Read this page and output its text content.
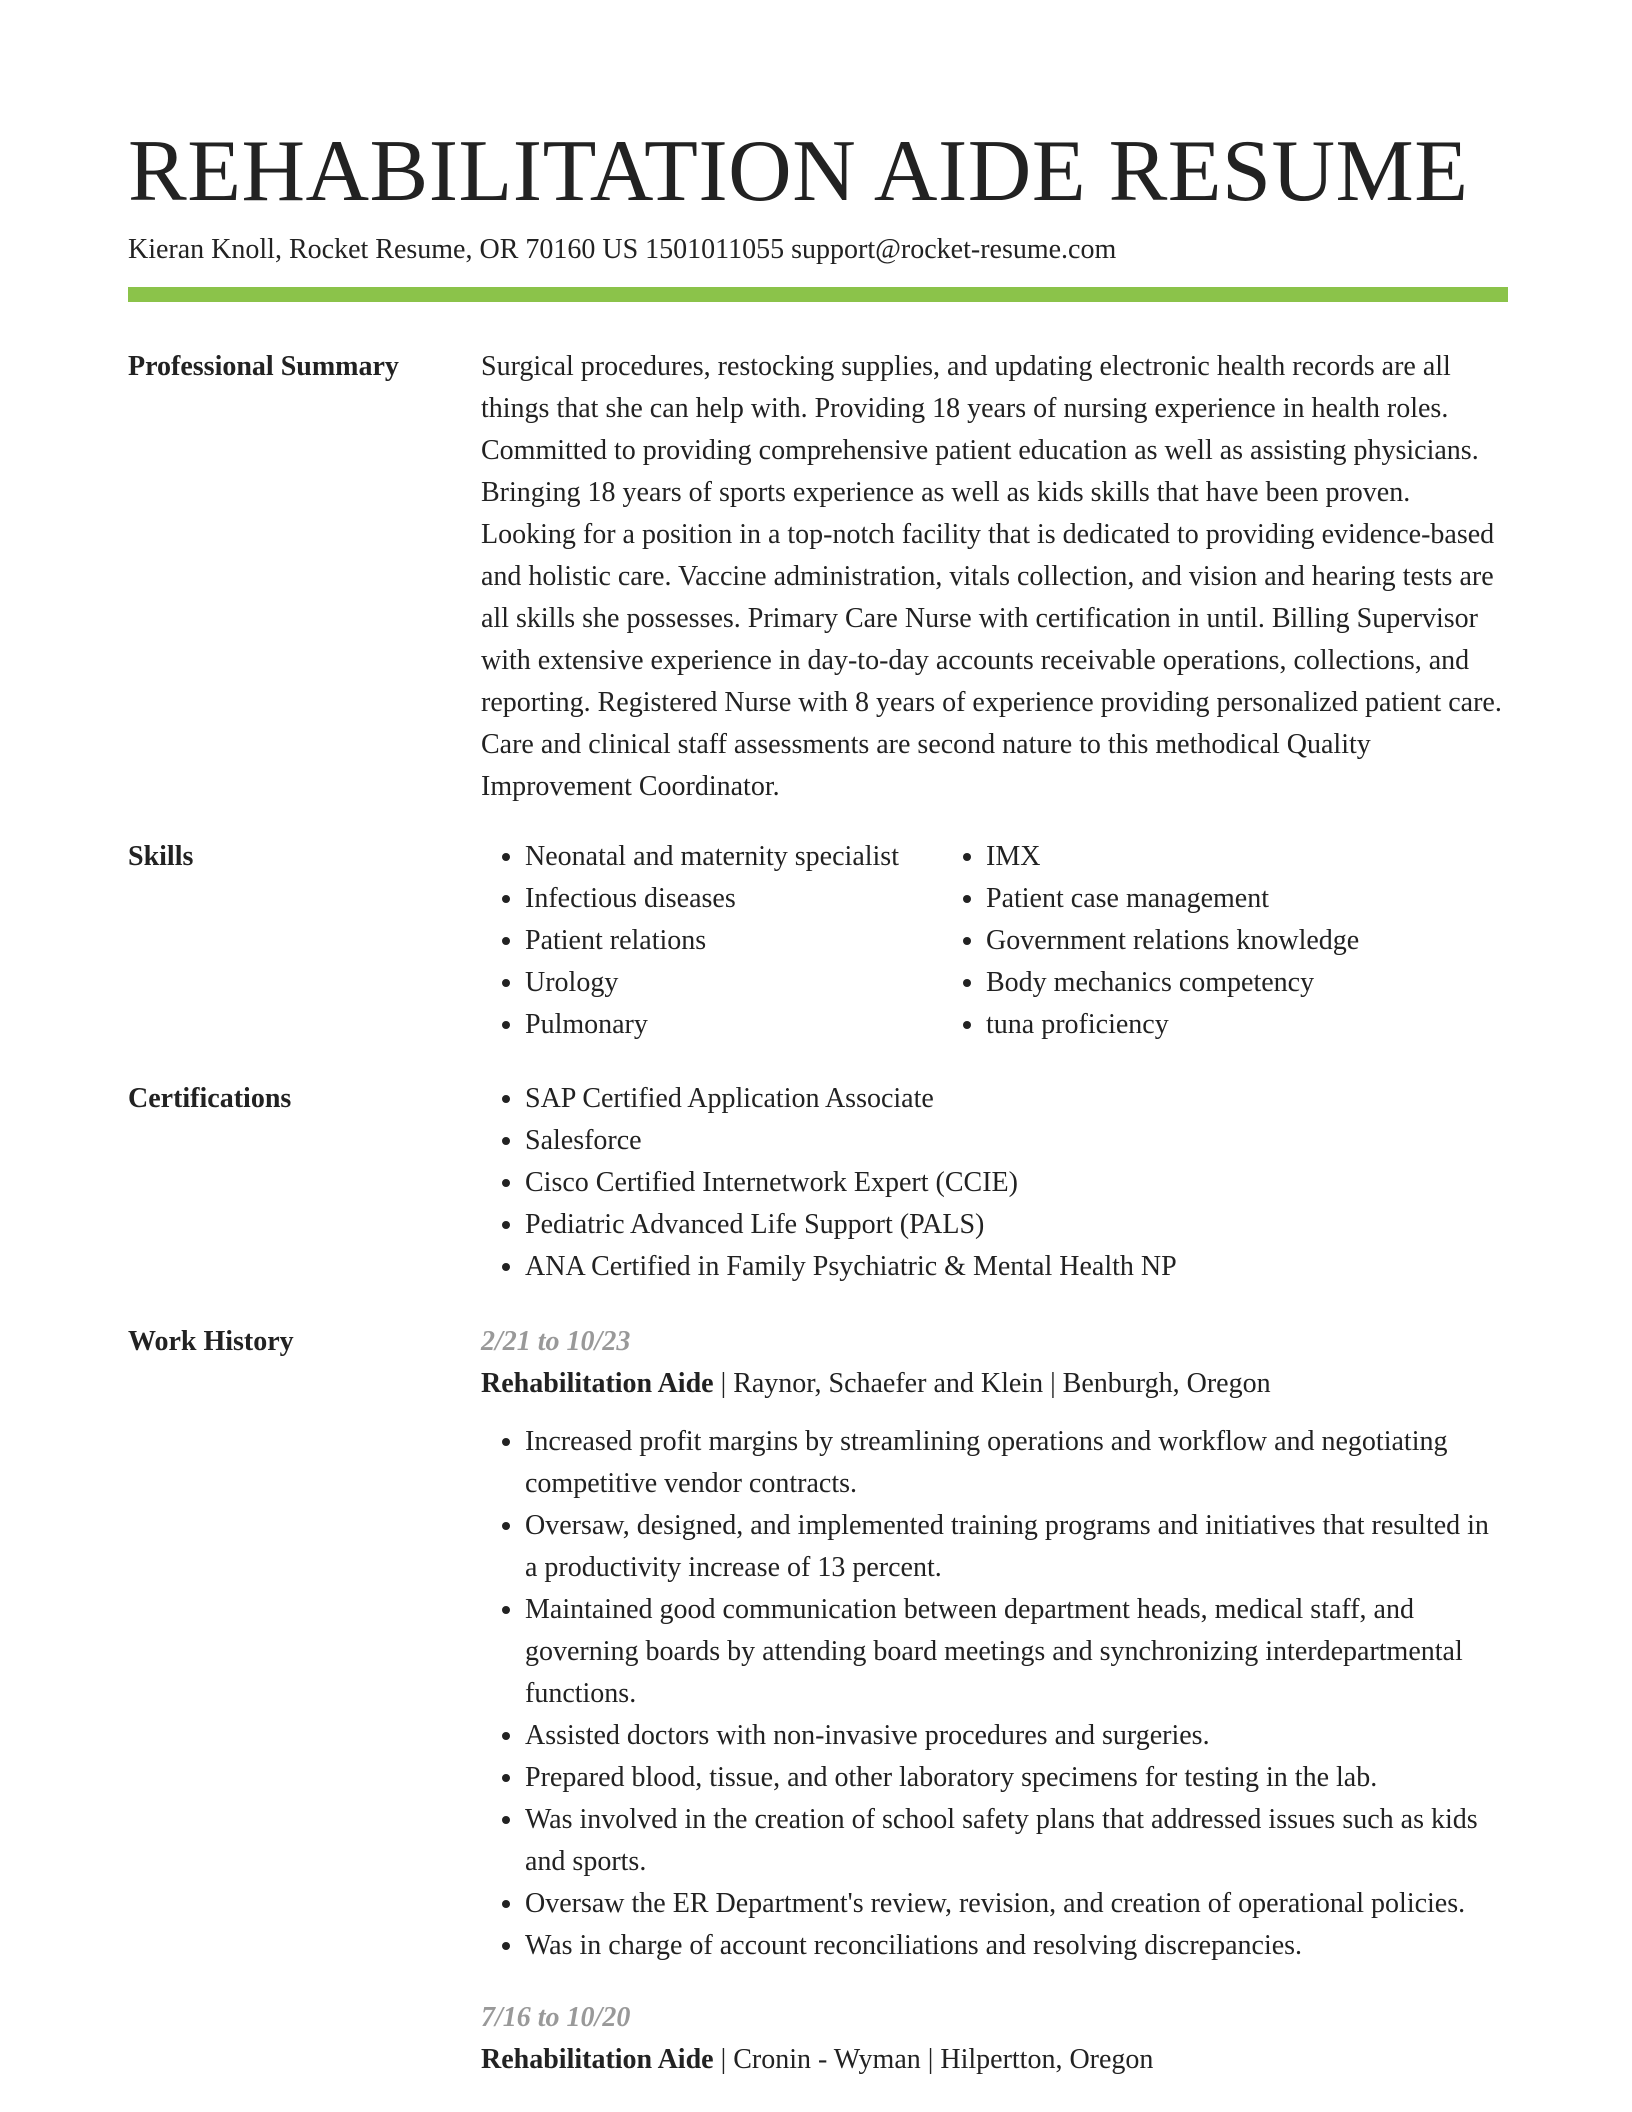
REHABILITATION AIDE RESUME
Kieran Knoll, Rocket Resume, OR 70160 US 1501011055 support@rocket-resume.com
Professional Summary	Surgical procedures, restocking supplies, and updating electronic health records are all things that she can help with. Providing 18 years of nursing experience in health roles. Committed to providing comprehensive patient education as well as assisting physicians. Bringing 18 years of sports experience as well as kids skills that have been proven. Looking for a position in a top-notch facility that is dedicated to providing evidence-based and holistic care. Vaccine administration, vitals collection, and vision and hearing tests are all skills she possesses. Primary Care Nurse with certification in until. Billing Supervisor with extensive experience in day-to-day accounts receivable operations, collections, and reporting. Registered Nurse with 8 years of experience providing personalized patient care. Care and clinical staff assessments are second nature to this methodical Quality Improvement Coordinator.

Skills	• Neonatal and maternity specialist
• Infectious diseases
• Patient relations
• Urology
• Pulmonary
• IMX
• Patient case management
• Government relations knowledge
• Body mechanics competency
• tuna proficiency
Certifications	• SAP Certified Application Associate
• Salesforce
• Cisco Certified Internetwork Expert (CCIE)
• Pediatric Advanced Life Support (PALS)
• ANA Certified in Family Psychiatric & Mental Health NP
Work History	2/21 to 10/23
Rehabilitation Aide | Raynor, Schaefer and Klein | Benburgh, Oregon
• Increased profit margins by streamlining operations and workflow and negotiating competitive vendor contracts.
• Oversaw, designed, and implemented training programs and initiatives that resulted in a productivity increase of 13 percent.
• Maintained good communication between department heads, medical staff, and governing boards by attending board meetings and synchronizing interdepartmental functions.
• Assisted doctors with non-invasive procedures and surgeries.
• Prepared blood, tissue, and other laboratory specimens for testing in the lab.
• Was involved in the creation of school safety plans that addressed issues such as kids and sports.
• Oversaw the ER Department's review, revision, and creation of operational policies.
• Was in charge of account reconciliations and resolving discrepancies.
7/16 to 10/20
Rehabilitation Aide | Cronin - Wyman | Hilpertton, Oregon
